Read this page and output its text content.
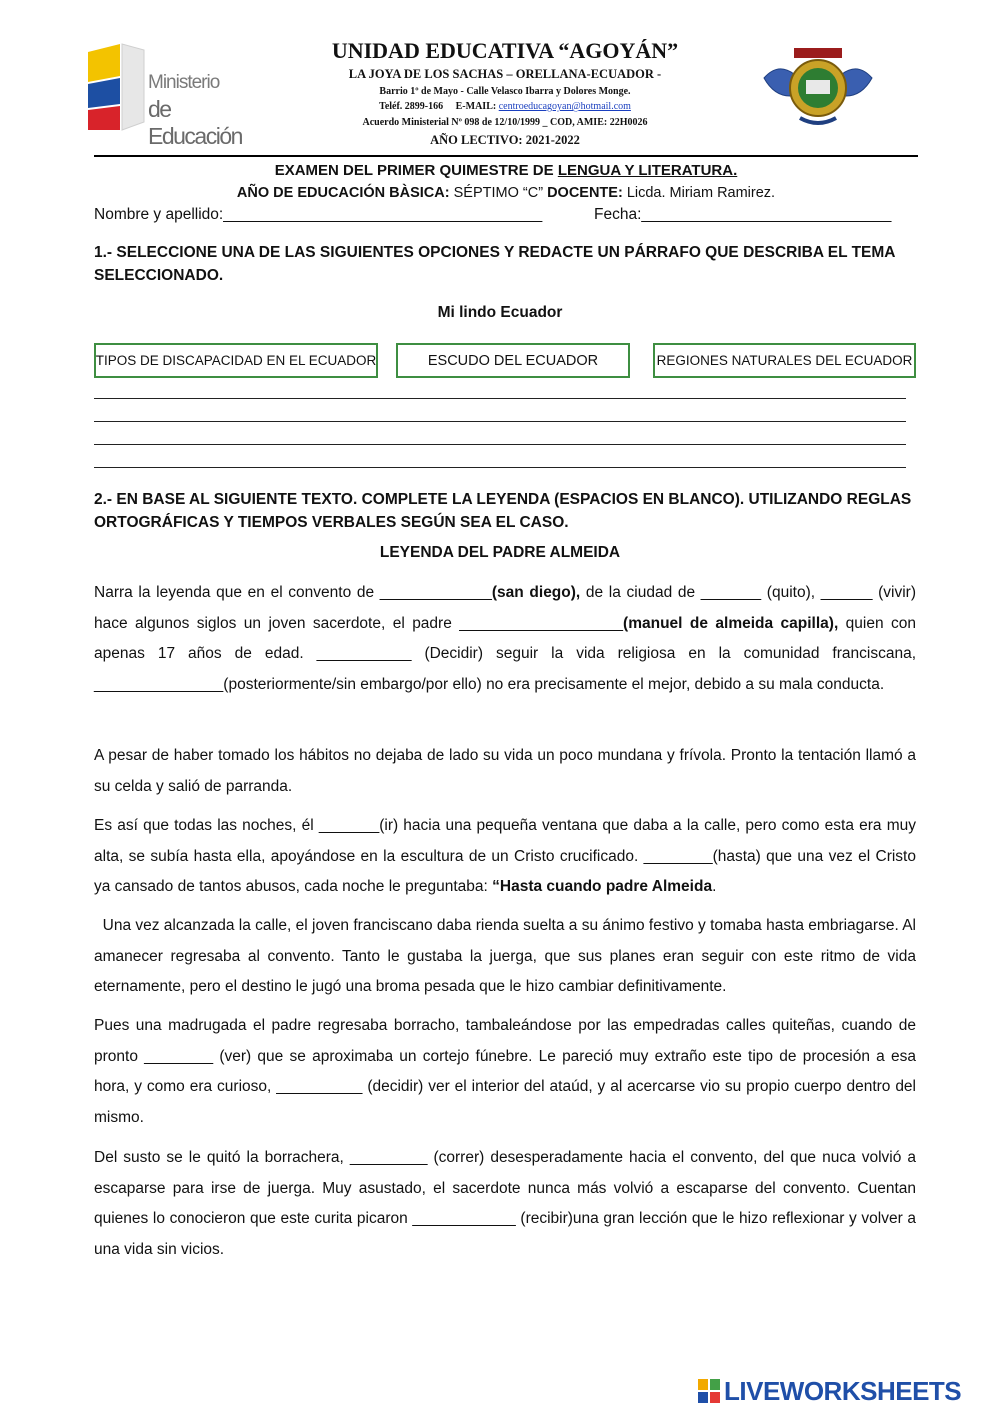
Ministerio
de Educación
UNIDAD EDUCATIVA “AGOYÁN”
LA JOYA DE LOS SACHAS – ORELLANA-ECUADOR -
Barrio 1º de Mayo - Calle Velasco Ibarra y Dolores Monge.
Teléf. 2899-166 E-MAIL: centroeducagoyan@hotmail.com
Acuerdo Ministerial Nº 098 de 12/10/1999 _ COD, AMIE: 22H0026
AÑO LECTIVO: 2021-2022
EXAMEN DEL PRIMER QUIMESTRE DE LENGUA Y LITERATURA.
AÑO DE EDUCACIÓN BÀSICA: SÉPTIMO “C” DOCENTE: Licda. Miriam Ramirez.
Nombre y apellido:_____________________________________	Fecha:_____________________________
1.- SELECCIONE UNA DE LAS SIGUIENTES OPCIONES Y REDACTE UN PÁRRAFO QUE DESCRIBA EL TEMA SELECCIONADO.
Mi lindo Ecuador
TIPOS DE DISCAPACIDAD EN EL ECUADOR	ESCUDO DEL ECUADOR	REGIONES NATURALES DEL ECUADOR
2.- EN BASE AL SIGUIENTE TEXTO. COMPLETE LA LEYENDA (ESPACIOS EN BLANCO). UTILIZANDO REGLAS ORTOGRÁFICAS Y TIEMPOS VERBALES SEGÚN SEA EL CASO.
LEYENDA DEL PADRE ALMEIDA
Narra la leyenda que en el convento de _____________(san diego), de la ciudad de _______ (quito), ______ (vivir) hace algunos siglos un joven sacerdote, el padre ___________________(manuel de almeida capilla), quien con apenas 17 años de edad. ___________ (Decidir) seguir la vida religiosa en la comunidad franciscana, _______________(posteriormente/sin embargo/por ello) no era precisamente el mejor, debido a su mala conducta.
A pesar de haber tomado los hábitos no dejaba de lado su vida un poco mundana y frívola. Pronto la tentación llamó a su celda y salió de parranda.
Es así que todas las noches, él _______(ir) hacia una pequeña ventana que daba a la calle, pero como esta era muy alta, se subía hasta ella, apoyándose en la escultura de un Cristo crucificado. ________(hasta) que una vez el Cristo ya cansado de tantos abusos, cada noche le preguntaba: “Hasta cuando padre Almeida.
Una vez alcanzada la calle, el joven franciscano daba rienda suelta a su ánimo festivo y tomaba hasta embriagarse. Al amanecer regresaba al convento. Tanto le gustaba la juerga, que sus planes eran seguir con este ritmo de vida eternamente, pero el destino le jugó una broma pesada que le hizo cambiar definitivamente.
Pues una madrugada el padre regresaba borracho, tambaleándose por las empedradas calles quiteñas, cuando de pronto ________ (ver) que se aproximaba un cortejo fúnebre. Le pareció muy extraño este tipo de procesión a esa hora, y como era curioso, __________ (decidir) ver el interior del ataúd, y al acercarse vio su propio cuerpo dentro del mismo.
Del susto se le quitó la borrachera, _________ (correr) desesperadamente hacia el convento, del que nuca volvió a escaparse para irse de juerga. Muy asustado, el sacerdote nunca más volvió a escaparse del convento. Cuentan quienes lo conocieron que este curita picaron ____________ (recibir)una gran lección que le hizo reflexionar y volver a una vida sin vicios.
LIVEWORKSHEETS
